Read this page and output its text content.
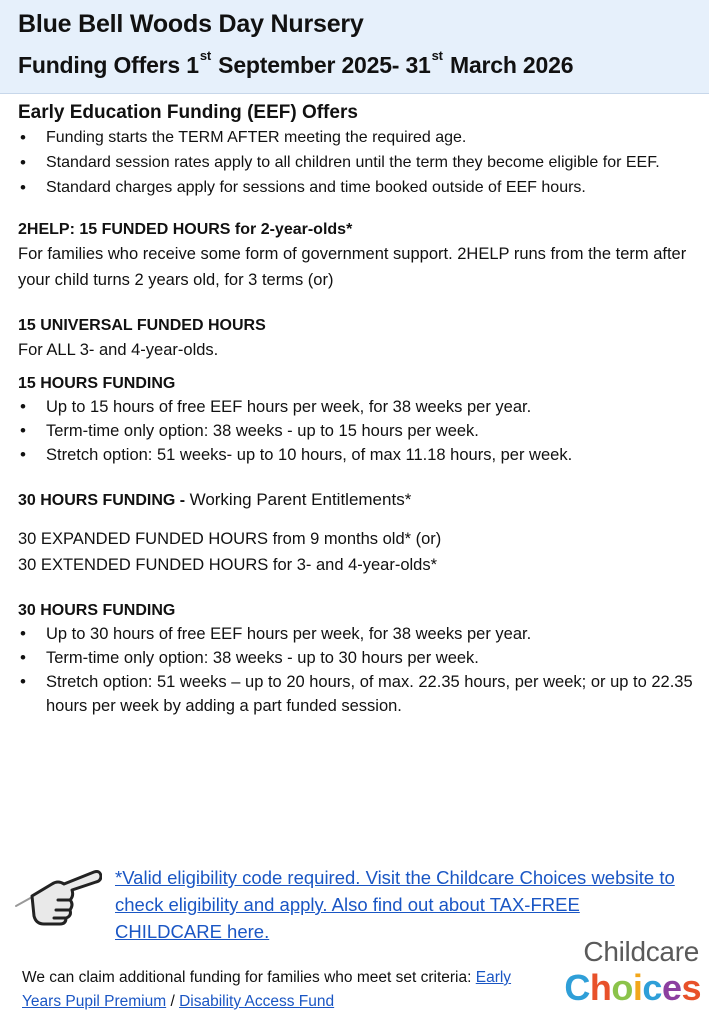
Blue Bell Woods Day Nursery
Funding Offers 1st September 2025- 31st March 2026
Early Education Funding (EEF) Offers
• Funding starts the TERM AFTER meeting the required age.
• Standard session rates apply to all children until the term they become eligible for EEF.
• Standard charges apply for sessions and time booked outside of EEF hours.
2HELP: 15 FUNDED HOURS for 2-year-olds*
For families who receive some form of government support. 2HELP runs from the term after your child turns 2 years old, for 3 terms (or)
15 UNIVERSAL FUNDED HOURS
For ALL 3- and 4-year-olds.
15 HOURS FUNDING
• Up to 15 hours of free EEF hours per week, for 38 weeks per year.
• Term-time only option: 38 weeks - up to 15 hours per week.
• Stretch option: 51 weeks- up to 10 hours, of max 11.18 hours, per week.
30 HOURS FUNDING - Working Parent Entitlements*
30 EXPANDED FUNDED HOURS from 9 months old* (or)
30 EXTENDED FUNDED HOURS for 3- and 4-year-olds*
30 HOURS FUNDING
• Up to 30 hours of free EEF hours per week, for 38 weeks per year.
• Term-time only option: 38 weeks - up to 30 hours per week.
• Stretch option: 51 weeks – up to 20 hours, of max. 22.35 hours, per week; or up to 22.35 hours per week by adding a part funded session.
*Valid eligibility code required. Visit the Childcare Choices website to check eligibility and apply. Also find out about TAX-FREE CHILDCARE here.
We can claim additional funding for families who meet set criteria: Early Years Pupil Premium / Disability Access Fund
Childcare
Choices
